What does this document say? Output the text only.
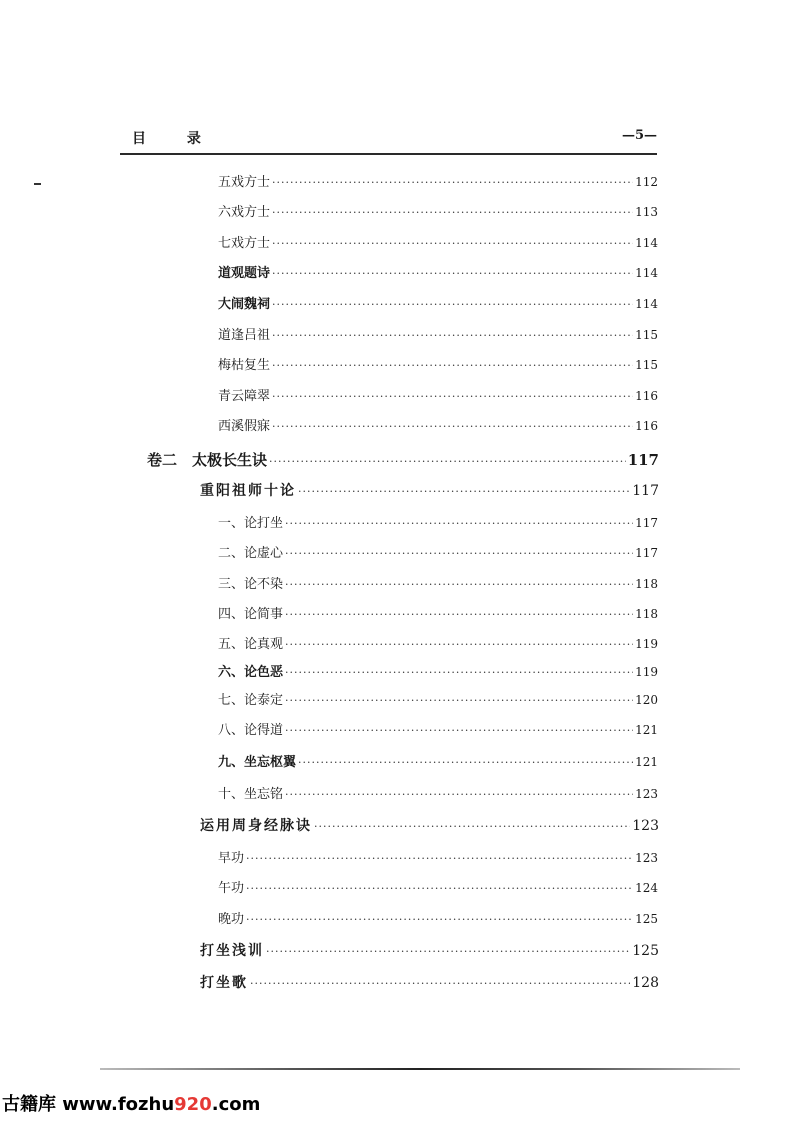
目 录	—5—
五戏方士 ·····	112
六戏方士 ·····	113
七戏方士 ·····	114
道观题诗 ·····	114
大闹魏祠 ·····	114
道逢吕祖 ·····	115
梅枯复生 ·····	115
青云障翠 ·····	116
西溪假寐 ·····	116
卷二　太极长生诀 ·····	117
重阳祖师十论 ·····	117
一、论打坐 ·····	117
二、论虚心 ·····	117
三、论不染 ·····	118
四、论简事 ·····	118
五、论真观 ·····	119
六、论色恶 ·····	119
七、论泰定 ·····	120
八、论得道 ·····	121
九、坐忘枢翼 ·····	121
十、坐忘铭 ·····	123
运用周身经脉诀 ·····	123
早功 ·····	123
午功 ·····	124
晚功 ·····	125
打坐浅训 ·····	125
打坐歌 ·····	128
古籍库 www.fozhu920.com
